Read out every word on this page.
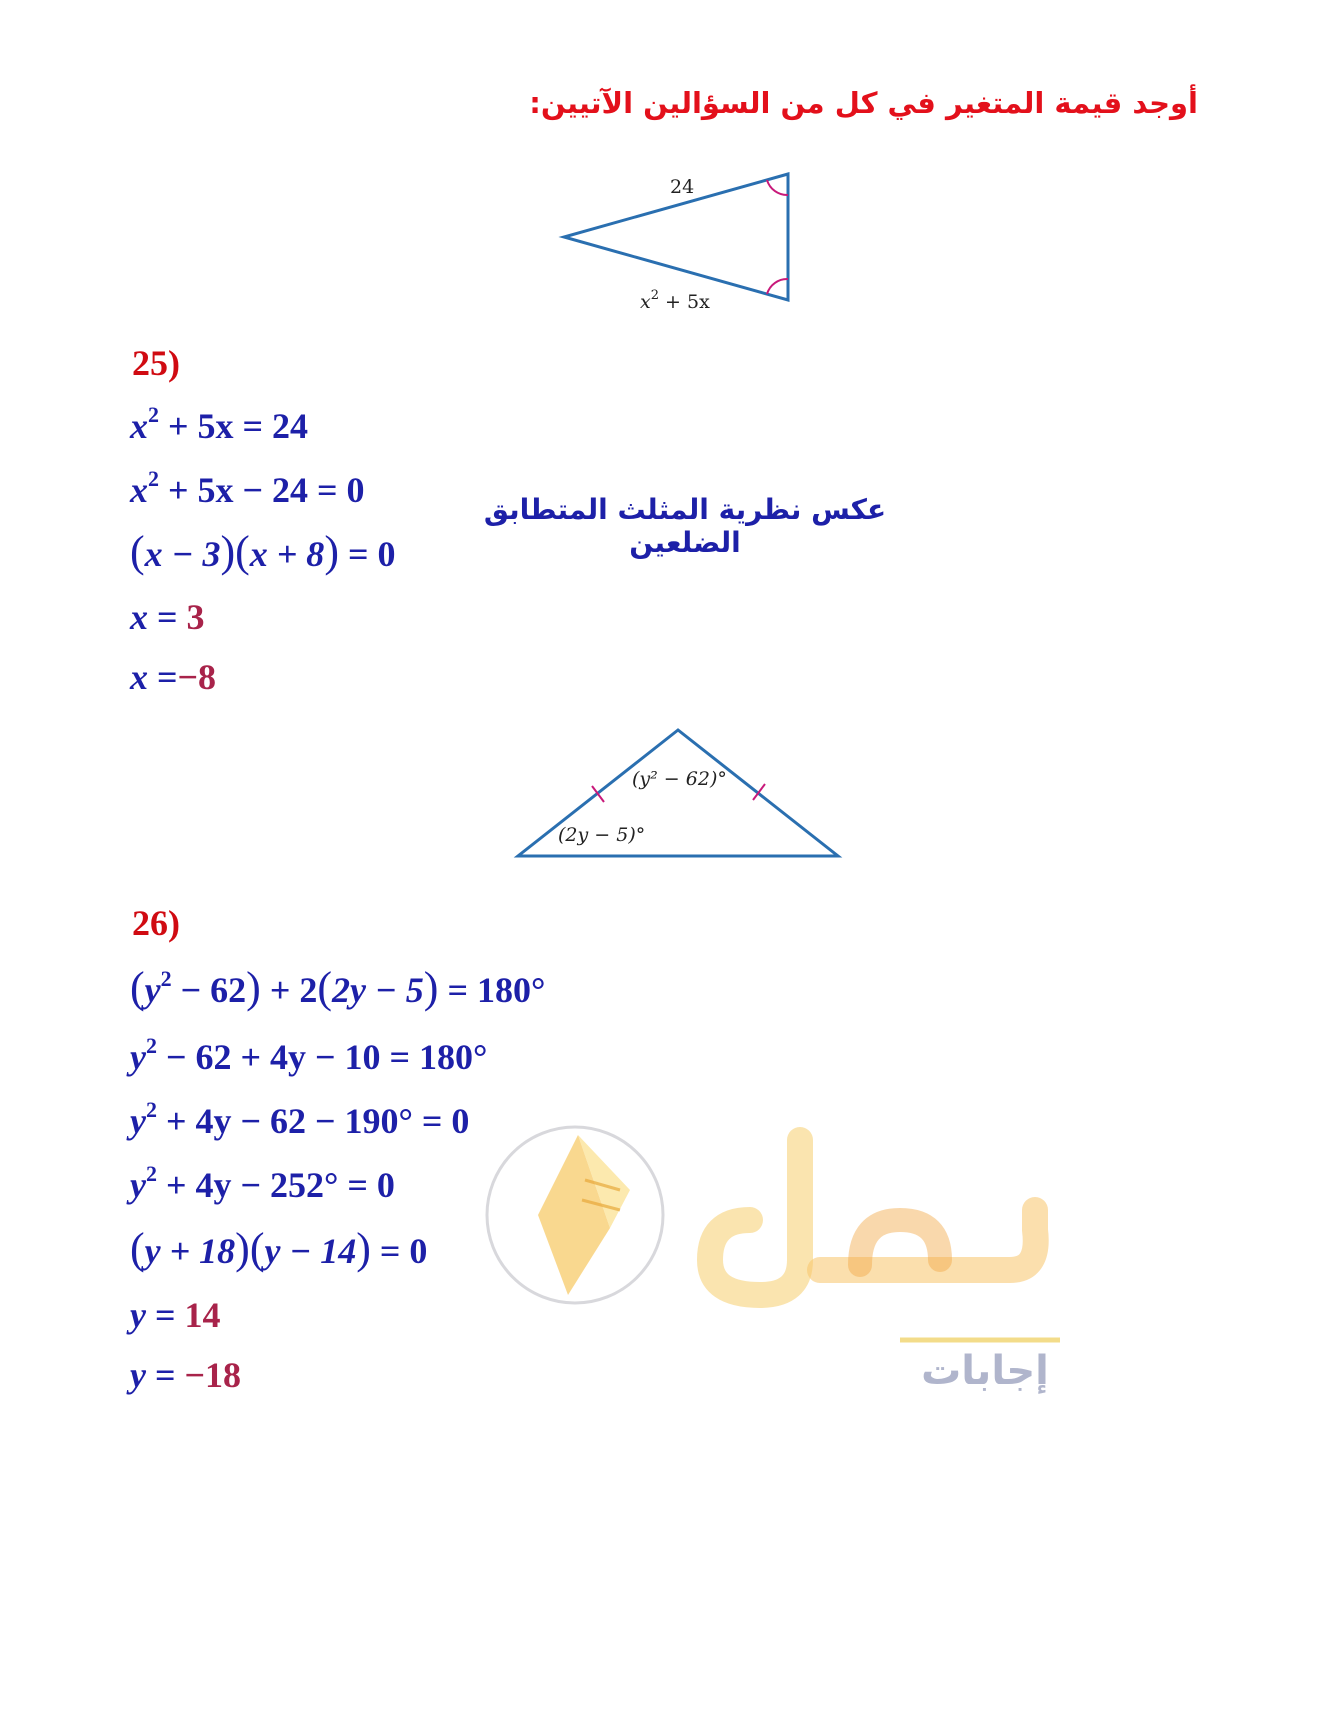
أوجد قيمة المتغير في كل من السؤالين الآتيين:
24
$x^2 + 5x$
25)
$x^2 + 5x = 24$
$x^2 + 5x - 24 = 0$
(x − 3)(x + 8) = 0
x = 3
x =−8
عكس نظرية المثلث المتطابق الضلعين
(y² − 62)°
(2y − 5)°
حلول
إجابات
26)
$(y^2 - 62) + 2(2y - 5) = 180^\circ$
$y^2 - 62 + 4y - 10 = 180^\circ$
$y^2 + 4y - 62 - 190^\circ = 0$
$y^2 + 4y - 252^\circ = 0$
(y + 18)(y − 14) = 0
y = 14
y = −18
